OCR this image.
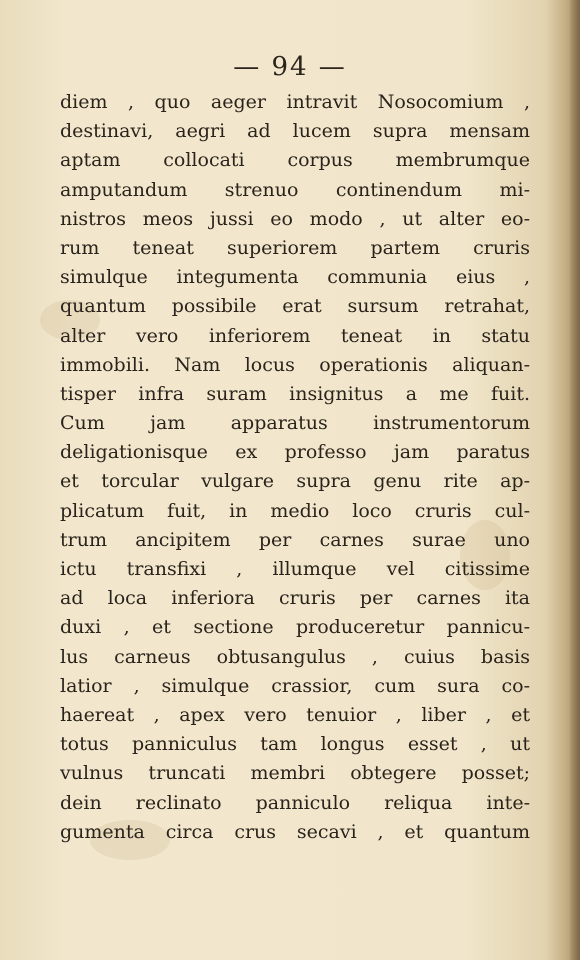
— 94 —
diem , quo aeger intravit Nosocomium ,
destinavi, aegri ad lucem supra mensam
aptam collocati corpus membrumque
amputandum strenuo continendum mi-
nistros meos jussi eo modo , ut alter eo-
rum teneat superiorem partem cruris
simulque integumenta communia eius ,
quantum possibile erat sursum retrahat,
alter vero inferiorem teneat in statu
immobili. Nam locus operationis aliquan-
tisper infra suram insignitus a me fuit.
Cum jam apparatus instrumentorum
deligationisque ex professo jam paratus
et torcular vulgare supra genu rite ap-
plicatum fuit, in medio loco cruris cul-
trum ancipitem per carnes surae uno
ictu transfixi , illumque vel citissime
ad loca inferiora cruris per carnes ita
duxi , et sectione produceretur pannicu-
lus carneus obtusangulus , cuius basis
latior , simulque crassior, cum sura co-
haereat , apex vero tenuior , liber , et
totus panniculus tam longus esset , ut
vulnus truncati membri obtegere posset;
dein reclinato panniculo reliqua inte-
gumenta circa crus secavi , et quantum
